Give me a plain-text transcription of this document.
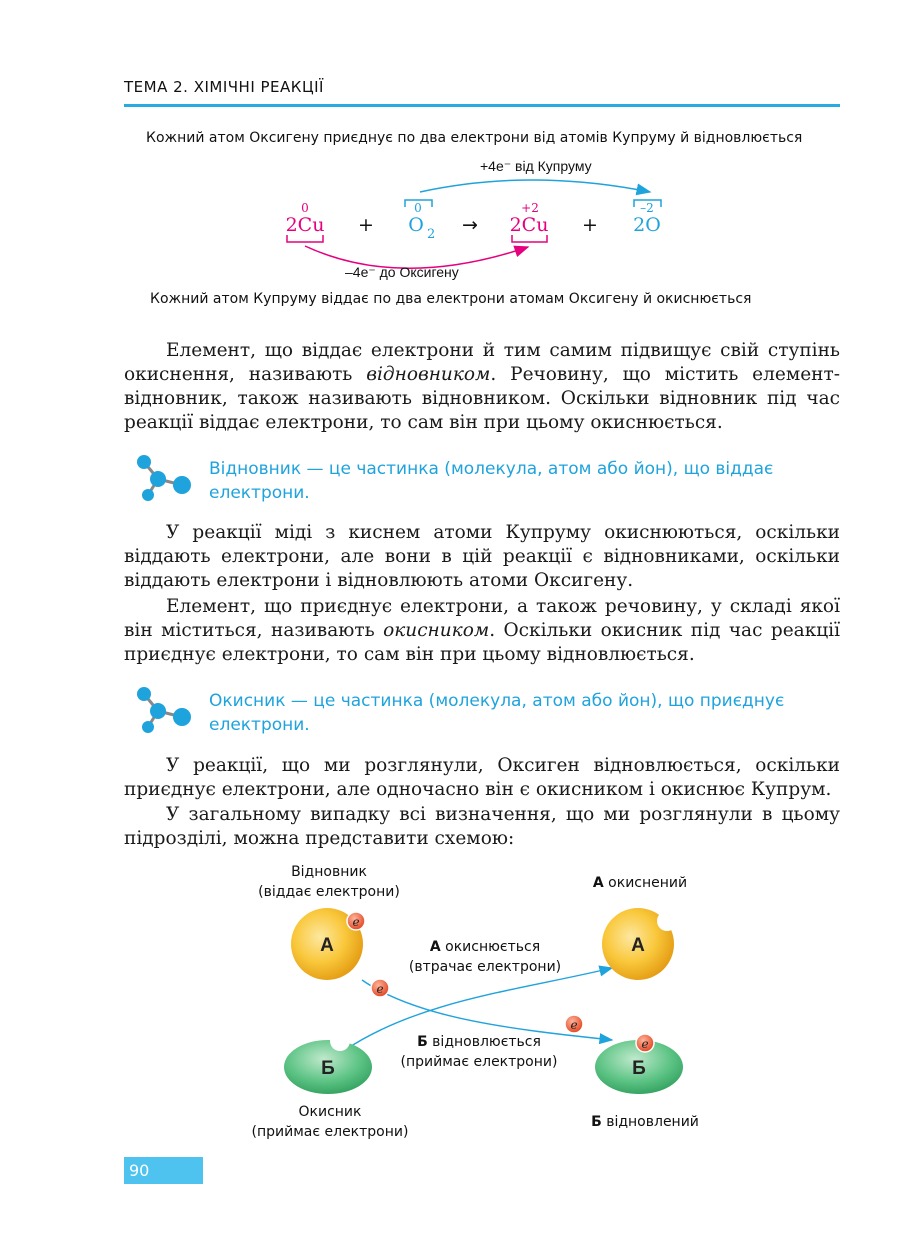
ТЕМА 2. ХІМІЧНІ РЕАКЦІЇ
Кожний атом Оксигену приєднує по два електрони від атомів Купруму й відновлюється
+4e⁻ від Купруму
–4e⁻ до Оксигену
0	0	+2	–2
2Cu + O 2 → 2Cu + 2O
Кожний атом Купруму віддає по два електрони атомам Оксигену й окиснюється

Елемент, що віддає електрони й тим самим підвищує свій ступінь окиснення, називають відновником. Речовину, що містить елемент-відновник, також називають відновником. Оскільки відновник під час реакції віддає електрони, то сам він при цьому окиснюється.

Відновник — це частинка (молекула, атом або йон), що віддає електрони.

У реакції міді з киснем атоми Купруму окиснюються, оскільки віддають електрони, але вони в цій реакції є відновниками, оскільки віддають електрони і відновлюють атоми Оксигену.

Елемент, що приєднує електрони, а також речовину, у складі якої він міститься, називають окисником. Оскільки окисник під час реакції приєднує електрони, то сам він при цьому відновлюється.

Окисник — це частинка (молекула, атом або йон), що приєднує електрони.

У реакції, що ми розглянули, Оксиген відновлюється, оскільки приєднує електрони, але одночасно він є окисником і окиснює Купрум.

У загальному випадку всі визначення, що ми розглянули в цьому підрозділі, можна представити схемою:

Відновник
(віддає електрони)
А окиснений
А
e
А
e
e
Б	Б
e
А окиснюється
(втрачає електрони)
Б відновлюється
(приймає електрони)
Окисник
(приймає електрони)
Б відновлений
90
